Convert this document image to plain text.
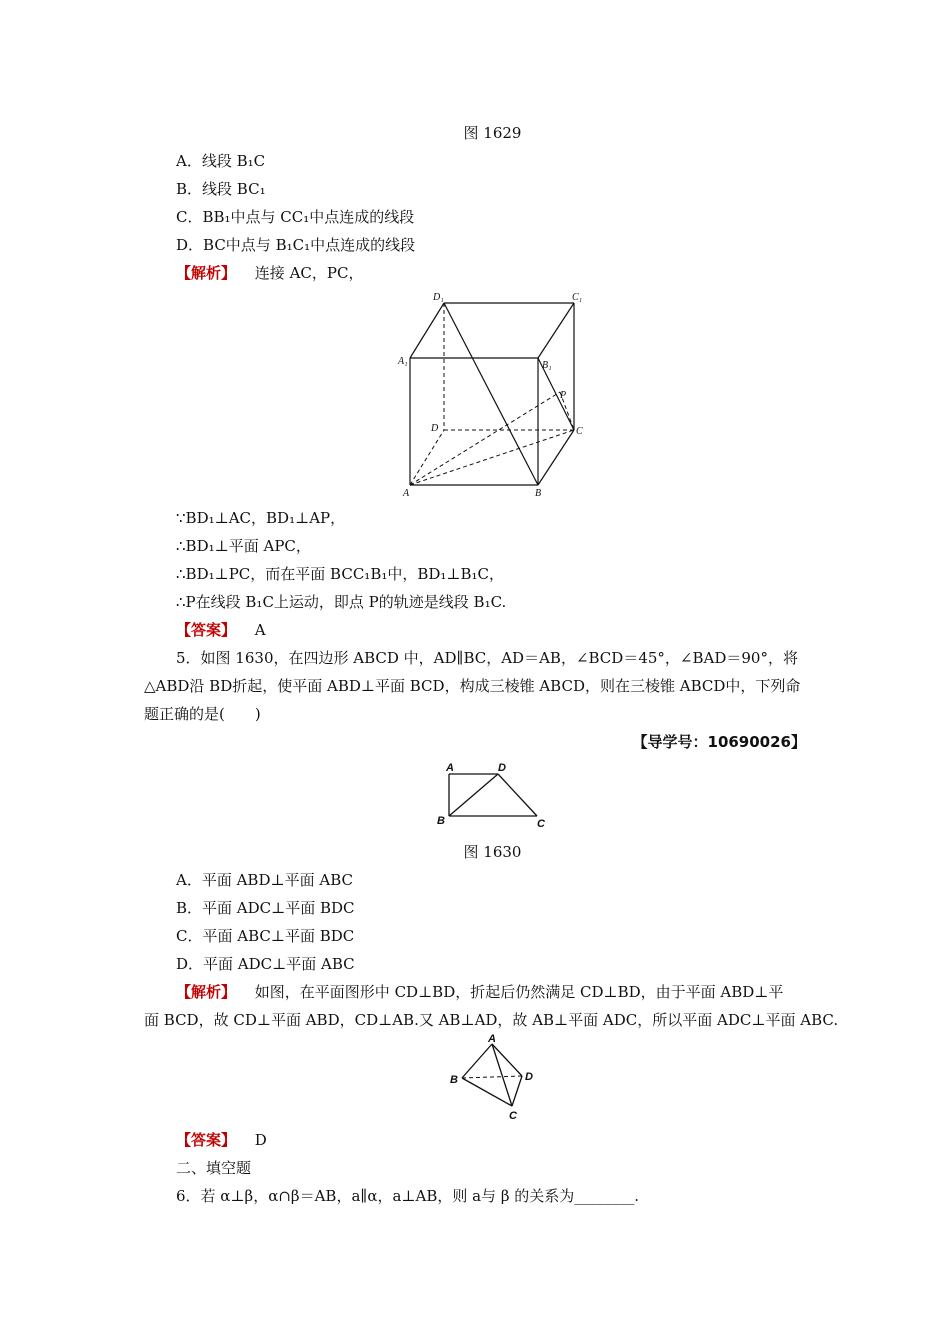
图 1629
A．线段 B₁C
B．线段 BC₁
C．BB₁中点与 CC₁中点连成的线段
D．BC中点与 B₁C₁中点连成的线段
【解析】 连接 AC，PC，
D₁	C₁
A₁	B₁
P
D	C
A	B
∵BD₁⊥AC，BD₁⊥AP，
∴BD₁⊥平面 APC，
∴BD₁⊥PC，而在平面 BCC₁B₁中，BD₁⊥B₁C，
∴P在线段 B₁C上运动，即点 P的轨迹是线段 B₁C.
【答案】 A
5．如图 1630，在四边形 ABCD 中，AD∥BC，AD＝AB，∠BCD＝45°，∠BAD＝90°，将
△ABD沿 BD折起，使平面 ABD⊥平面 BCD，构成三棱锥 ABCD，则在三棱锥 ABCD中，下列命
题正确的是(　　)
【导学号：10690026】
A	D
B	C
图 1630
A．平面 ABD⊥平面 ABC
B．平面 ADC⊥平面 BDC
C．平面 ABC⊥平面 BDC
D．平面 ADC⊥平面 ABC
【解析】 如图，在平面图形中 CD⊥BD，折起后仍然满足 CD⊥BD，由于平面 ABD⊥平
面 BCD，故 CD⊥平面 ABD，CD⊥AB.又 AB⊥AD，故 AB⊥平面 ADC，所以平面 ADC⊥平面 ABC.
A
B	D
C
【答案】 D
二、填空题
6．若 α⊥β，α∩β＝AB，a∥α，a⊥AB，则 a与 β 的关系为________.
